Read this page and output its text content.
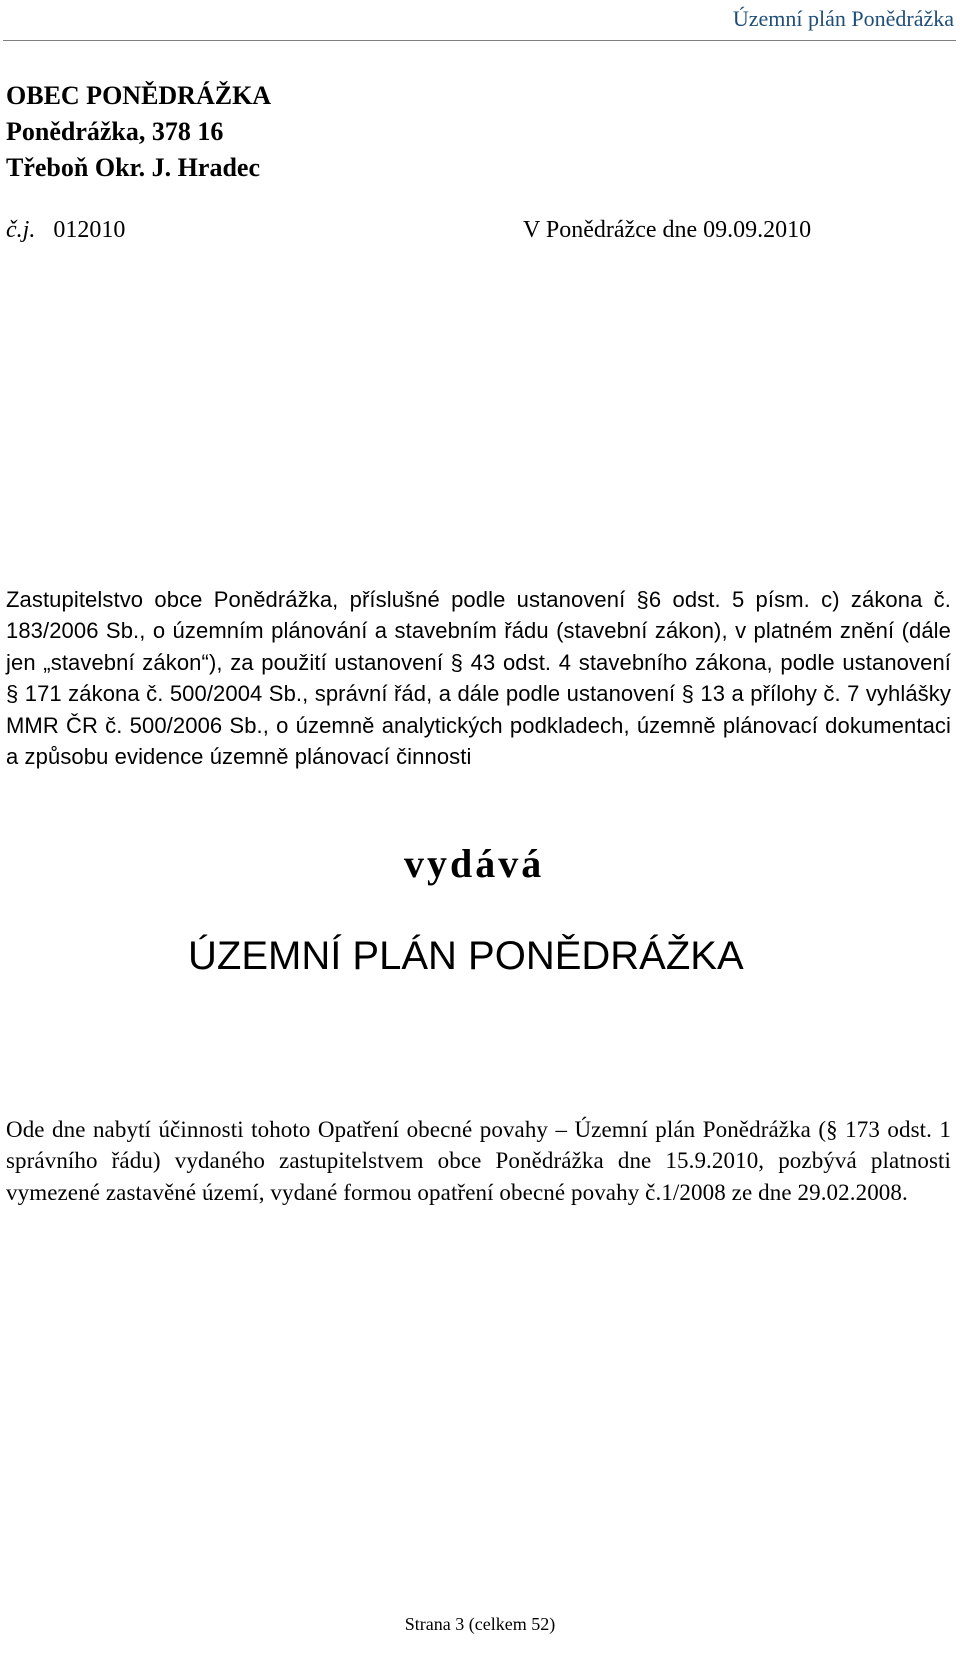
Územní plán Ponědrážka
OBEC PONĚDRÁŽKA
Ponědrážka, 378 16
Třeboň Okr. J. Hradec
č.j. 012010	V Ponědrážce dne 09.09.2010
Zastupitelstvo obce Ponědrážka, příslušné podle ustanovení §6 odst. 5 písm. c) zákona č. 183/2006 Sb., o územním plánování a stavebním řádu (stavební zákon), v platném znění (dále jen „stavební zákon“), za použití ustanovení § 43 odst. 4 stavebního zákona, podle ustanovení § 171 zákona č. 500/2004 Sb., správní řád, a dále podle ustanovení § 13 a přílohy č. 7 vyhlášky MMR ČR č. 500/2006 Sb., o územně analytických podkladech, územně plánovací dokumentaci a způsobu evidence územně plánovací činnosti
vydává
ÚZEMNÍ PLÁN PONĚDRÁŽKA
Ode dne nabytí účinnosti tohoto Opatření obecné povahy – Územní plán Ponědrážka (§ 173 odst. 1 správního řádu) vydaného zastupitelstvem obce Ponědrážka dne 15.9.2010, pozbývá platnosti vymezené zastavěné území, vydané formou opatření obecné povahy č.1/2008 ze dne 29.02.2008.
Strana 3 (celkem 52)
